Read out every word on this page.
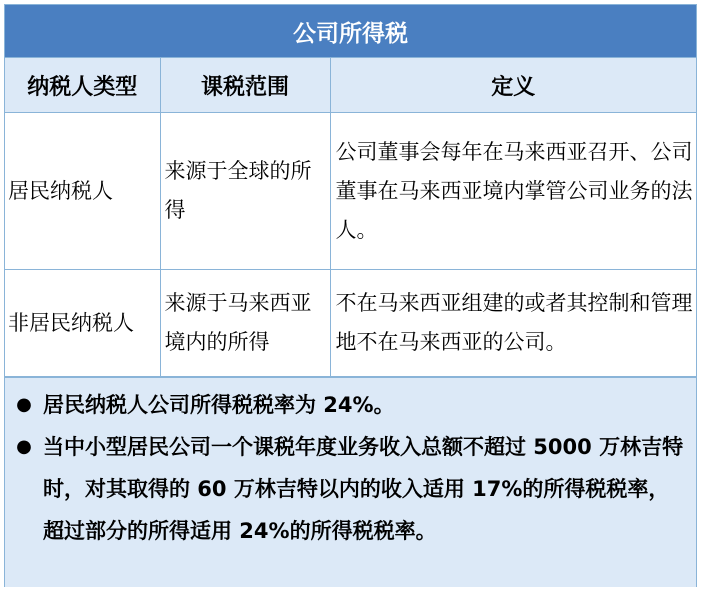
公司所得税
纳税人类型	课税范围	定义
居民纳税人	来源于全球的所得	公司董事会每年在马来西亚召开、公司董事在马来西亚境内掌管公司业务的法人。
非居民纳税人	来源于马来西亚境内的所得	不在马来西亚组建的或者其控制和管理地不在马来西亚的公司。
● 居民纳税人公司所得税税率为 24%。
● 当中小型居民公司一个课税年度业务收入总额不超过 5000 万林吉特时，对其取得的 60 万林吉特以内的收入适用 17%的所得税税率，超过部分的所得适用 24%的所得税税率。
